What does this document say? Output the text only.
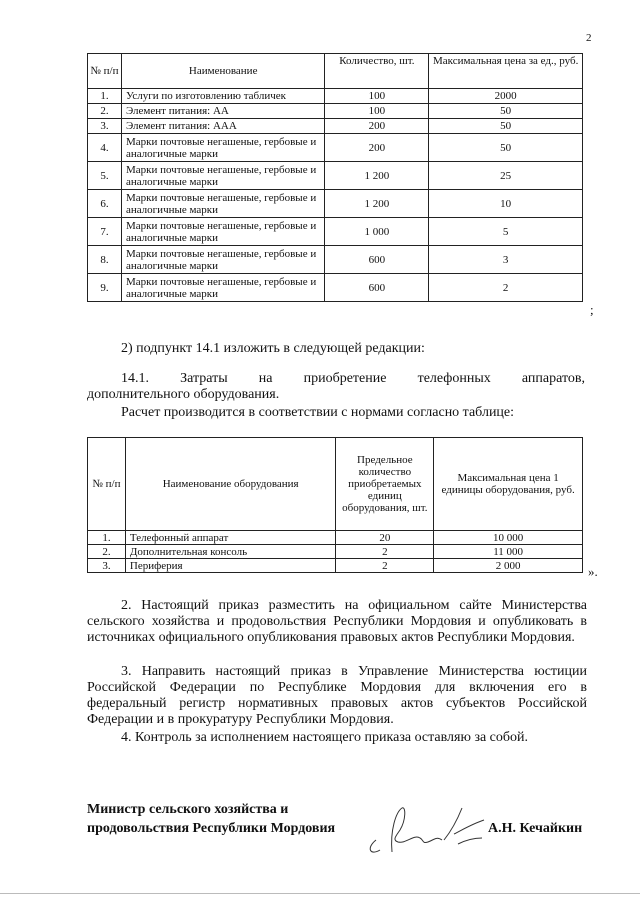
2
№ п/п	Наименование	Количество, шт.	Максимальная цена за ед., руб.
1.	Услуги по изготовлению табличек	100	2000
2.	Элемент питания: АА	100	50
3.	Элемент питания: ААА	200	50
4.	Марки почтовые негашеные, гербовые и аналогичные марки	200	50
5.	Марки почтовые негашеные, гербовые и аналогичные марки	1 200	25
6.	Марки почтовые негашеные, гербовые и аналогичные марки	1 200	10
7.	Марки почтовые негашеные, гербовые и аналогичные марки	1 000	5
8.	Марки почтовые негашеные, гербовые и аналогичные марки	600	3
9.	Марки почтовые негашеные, гербовые и аналогичные марки	600	2
;

2) подпункт 14.1 изложить в следующей редакции:

14.1. Затраты на приобретение телефонных аппаратов,

дополнительного оборудования.

Расчет производится в соответствии с нормами согласно таблице:

№ п/п	Наименование оборудования	Предельное количество приобретаемых единиц оборудования, шт.	Максимальная цена 1 единицы оборудования, руб.
1.	Телефонный аппарат	20	10 000
2.	Дополнительная консоль	2	11 000
3.	Периферия	2	2 000	».

2. Настоящий приказ разместить на официальном сайте Министерства сельского хозяйства и продовольствия Республики Мордовия и опубликовать в источниках официального опубликования правовых актов Республики Мордовия.

3. Направить настоящий приказ в Управление Министерства юстиции Российской Федерации по Республике Мордовия для включения его в федеральный регистр нормативных правовых актов субъектов Российской Федерации и в прокуратуру Республики Мордовия.

4. Контроль за исполнением настоящего приказа оставляю за собой.

Министр сельского хозяйства и
продовольствия Республики Мордовия	А.Н. Кечайкин
